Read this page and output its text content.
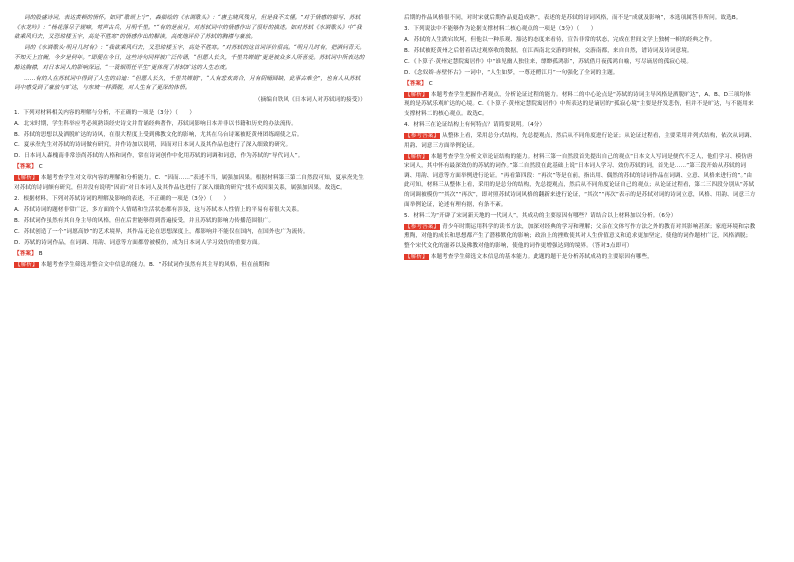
词的股盛诗词，表达黄顿的情怀。如同“歌颂上宁”，森描绘的《水调歌头》：“唐主晓风残月，但是我不太懂。”对于情感的描写、苏轼《水龙吟》：“杨花落尽子规啼，莺声古兵，月明千里。”“有的是前月，对苏轼词中的情感作出了很好的描述。如对苏轼《水调歌头》中“我欲乘风归去，又恐琼楼玉宇，高处不胜寒”的情感作出的解读，高度地评价了苏轼的胸襟与豪放。

词的《水调歌头·明月几时有》：“我欲乘风归去，又恐琼楼玉宇，高处不胜寒。”对苏轼的这首词评价很高。“明月几时有，把酒问青天。不知天上宫阙，今夕是何年。”即便在今日，这些诗句同样被广泛传诵，“但愿人长久，千里共婵娟”更是被众多人所喜爱。苏轼词中所表达的豁达胸襟，对日本词人的影响深远，“一蓑烟雨任平生”更体现了苏轼旷达的人生态度。

……有的人在苏轼词中得到了人生的启迪：“但愿人长久，千里共婵娟”，“人有悲欢离合，月有阴晴圆缺，此事古难全”，也有人从苏轼词中感受到了豪放与旷达，与东坡一样洒脱，对人生有了更深的体悟。

（摘编自铁风《日本词人对苏轼词的接受》）
1．下列对材料相关内容的理解与分析，不正确的一项是（3分）（　　）
A．北宋时期，学生科举应考必须熟读经史诗文并背诵经典著作，苏轼词影响日本并非以书籍和历史的办法流传。
B．苏轼的思想以及洒脱旷达的诗风，在很大程度上受到佛教文化的影响，尤其在乌台诗案被贬黄州团练副使之后。
C．夏承焘先生对苏轼的诗词做有研究，并作诗加以说明，因而对日本词人及其作品也进行了深入细致的研究。
D．日本词人森槐南非常崇尚苏轼的人格和词作，常在诗词创作中化用苏轼的词调和词意，作为苏轼的“导代词人”。
【答案】 C
【解析】 本题考查学生对文章内容的理解和分析能力。C．“因而……”表述不当，属强加因果。根据材料第三第二自然段可知，夏承焘先生对苏轼的诗词颇有研究，但并没有说明“因而”对日本词人及其作品也进行了深入细致的研究”找不成因果关系，属强加因果。故选C。
2．根据材料，下列对苏轼诗词的理解及影响的表述，不正确的一项是（3分）（　　）
A．苏轼诗词的题材非常广泛，多方面的个人情绪和生活状态都有涉及，这与苏轼本人性情上的平易有着很大关系。
B．苏轼词作虽然有其自身主导的风格，但在后世能够得到普遍接受，并且苏轼的影响力传播范围很广。
C．苏轼创造了一个“词愿高妙”的艺术境界，其作品无论在思想深度上，都影响并不能仅在国内，在国外也广为流传。
D．苏轼的诗词作品，在词调、用韵、词意等方面都曾被模仿，成为日本词人学习效仿的重要方面。
【答案】 B
【解析】 本题考查学生筛选并整合文中信息的能力。B．“苏轼词作虽然有其主导的风格，但在前期和
后期的作品风格很不同，对时宋就后期作品更趋成熟”，表述的是苏轼的诗词风格，而不是“成就及影响”，本选项属答非所问。故选B。
3．下列说法中不能够作为论据支撑材料二核心观点的一项是（3分）（　　）
A．苏轼的人生跌宕坎坷，但他以一种乐观、豁达的态度来看待，宣告非常的状态，完成在世间文学上独树一帜的经典之作。
B．苏轼被贬黄州之后借着话过观察收的数据，在江西南北交游的时候，交游南都，来自自然，谱诗词及诗词意境。
C．《卜算子·黄州定慧院寓居作》中“谁见幽人独往来，缥缈孤鸿影”，苏轼借月夜孤鸿自喻，写尽谪居的孤寂心境。
D．《念奴娇·赤壁怀古》一词中，“人生如梦，一尊还酹江月”一句强化了全词的主题。
【答案】 C
【解析】 本题考查学生把握作者观点，分析论证过程的能力。材料二的中心论点是“苏轼的诗词主导风格是洒脱旷达”，A、B、D三项均体现的是苏轼乐观旷达的心境。C.《卜算子·黄州定慧院寓居作》中所表达的是谪居的“孤寂心境”主要是抒发悲伤，但并不是旷达，与不能用来支撑材料二的核心观点。故选C。
4．材料三在论证结构上有何特点？请简要说明。（4分）
【参考答案】 从整体上看，采用总分式结构，先总提观点，然后从不同角度进行论证；从论证过程看，主要采用并列式结构，依次从词调、用韵、词意三方面举例论证。
【解析】 本题考查学生分析文章论证结构的能力。材料三第一自然段首先提出自己的观点“日本文人写词是便代不乏人，他们学习、模仿唐宋词人，其中怀有最深效仿的苏轼的词作。”第二自然段在此基础上说“日本词人学习、效仿苏轼的词，首先是……”第三段开始从苏轼的词调、用韵、词意等方面举例进行论证。“再看第四段：“再次”等是在前，指出用、偶然的苏轼的诗词作品在词调、立意、风格来进行的”。”由此可知，材料三从整体上看，采用的是总分的结构，先总提观点，然后从不同角度论证自己的观点；从论证过程看，第二三四段分别从“苏轼的词调被模仿”“其次”“再次”，即对照苏轼诗词风格的翻新来进行论证，“其次”“再次”表示的是苏轼对词的诗词立意，风格、用韵、词意三方面举例论证，论述有理有据，有条不紊。
5．材料二为“开辟了宋词新天地的一代词人”，其成功的主要原因有哪些？请结合以上材料加以分析。（6分）
【参考答案】 青少年时期运用科学的读书方法，加深对经典的学习和理解；父亲在文体写作方法之外的教育对其影响甚深；家庭环境和宗教熏陶，对他的成长和思想都产生了潜移默化的影响；政治上的挫败使其对人生价值意义和追求更加坚定，使他的词作题材广泛，风格洒脱；整个宋代文化的滋养以及佛教对他的影响，使他的词作更增强达到的境界。（答对3点即可）
【解析】 本题考查学生筛选文本信息的基本能力。此题的题干是分析苏轼成功的主要原因有哪些，
